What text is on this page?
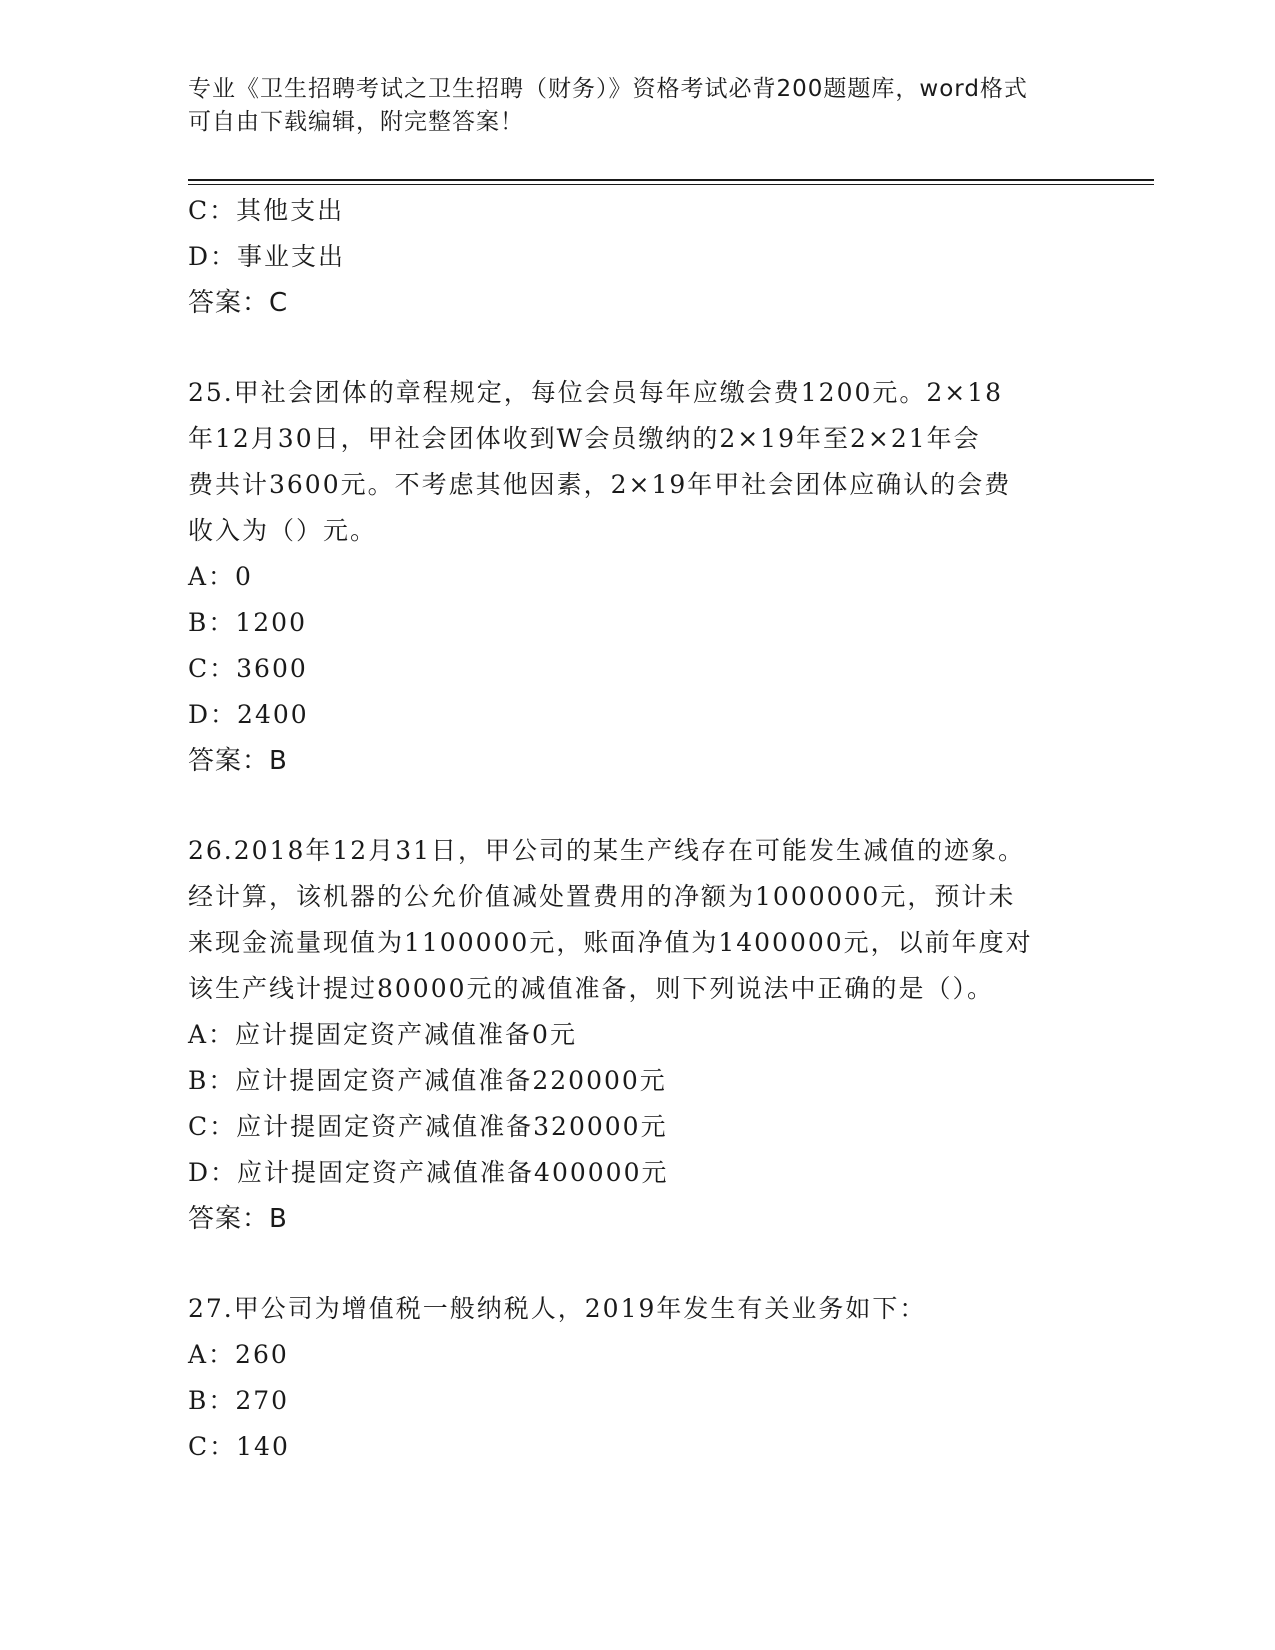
专业《卫生招聘考试之卫生招聘（财务）》资格考试必背200题题库，word格式
可自由下载编辑，附完整答案！
C：其他支出
D：事业支出
答案：C
25.甲社会团体的章程规定，每位会员每年应缴会费1200元。2×18
年12月30日，甲社会团体收到W会员缴纳的2×19年至2×21年会
费共计3600元。不考虑其他因素，2×19年甲社会团体应确认的会费
收入为（）元。
A：0
B：1200
C：3600
D：2400
答案：B
26.2018年12月31日，甲公司的某生产线存在可能发生减值的迹象。
经计算，该机器的公允价值减处置费用的净额为1000000元，预计未
来现金流量现值为1100000元，账面净值为1400000元，以前年度对
该生产线计提过80000元的减值准备，则下列说法中正确的是（）。
A：应计提固定资产减值准备0元
B：应计提固定资产减值准备220000元
C：应计提固定资产减值准备320000元
D：应计提固定资产减值准备400000元
答案：B
27.甲公司为增值税一般纳税人，2019年发生有关业务如下：
A：260
B：270
C：140
